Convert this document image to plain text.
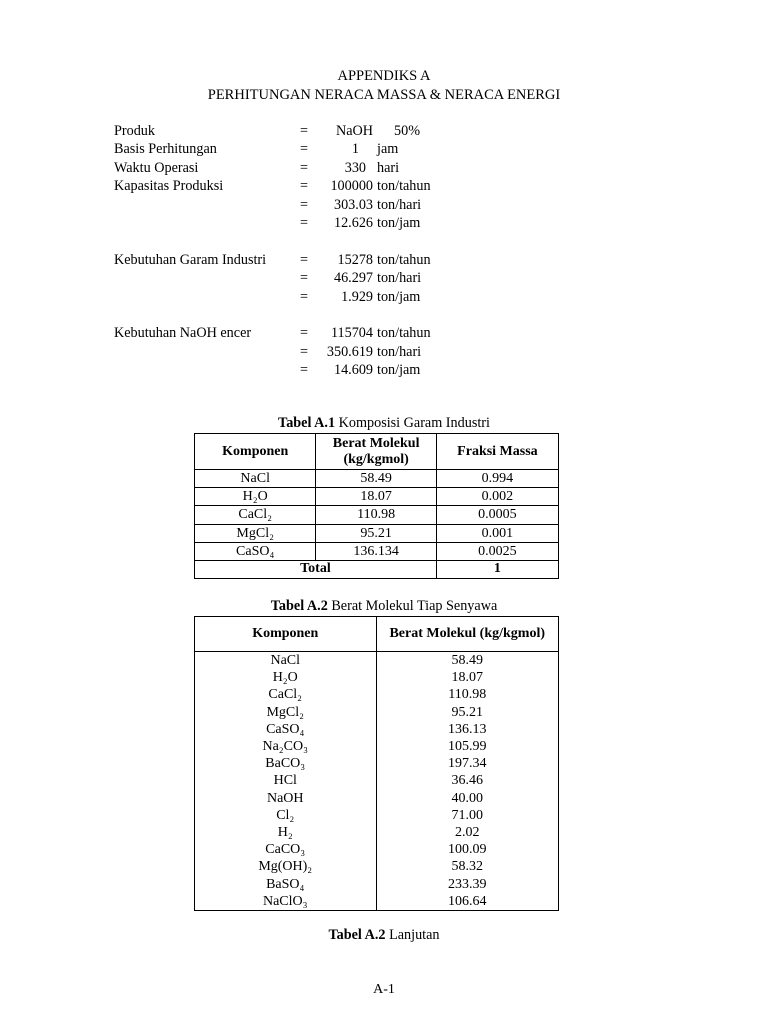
APPENDIKS A
PERHITUNGAN NERACA MASSA & NERACA ENERGI
Produk	=	NaOH 50%
Basis Perhitungan	=	1 jam
Waktu Operasi	=	330 hari
Kapasitas Produksi	=	100000 ton/tahun
=	303.03 ton/hari
=	12.626 ton/jam
Kebutuhan Garam Industri =	15278 ton/tahun
=	46.297 ton/hari
=	1.929 ton/jam
Kebutuhan NaOH encer	=	115704 ton/tahun
=	350.619 ton/hari
=	14.609 ton/jam
Tabel A.1 Komposisi Garam Industri
Komponen	Berat Molekul (kg/kgmol)	Fraksi Massa
NaCl	58.49	0.994
H₂O	18.07	0.002
CaCl₂	110.98	0.0005
MgCl₂	95.21	0.001
CaSO₄	136.134	0.0025
Total		1
Tabel A.2 Berat Molekul Tiap Senyawa
Komponen	Berat Molekul (kg/kgmol)
NaCl	58.49
H₂O	18.07
CaCl₂	110.98
MgCl₂	95.21
CaSO₄	136.13
Na₂CO₃	105.99
BaCO₃	197.34
HCl	36.46
NaOH	40.00
Cl₂	71.00
H₂	2.02
CaCO₃	100.09
Mg(OH)₂	58.32
BaSO₄	233.39
NaClO₃	106.64
Tabel A.2 Lanjutan
A-1
